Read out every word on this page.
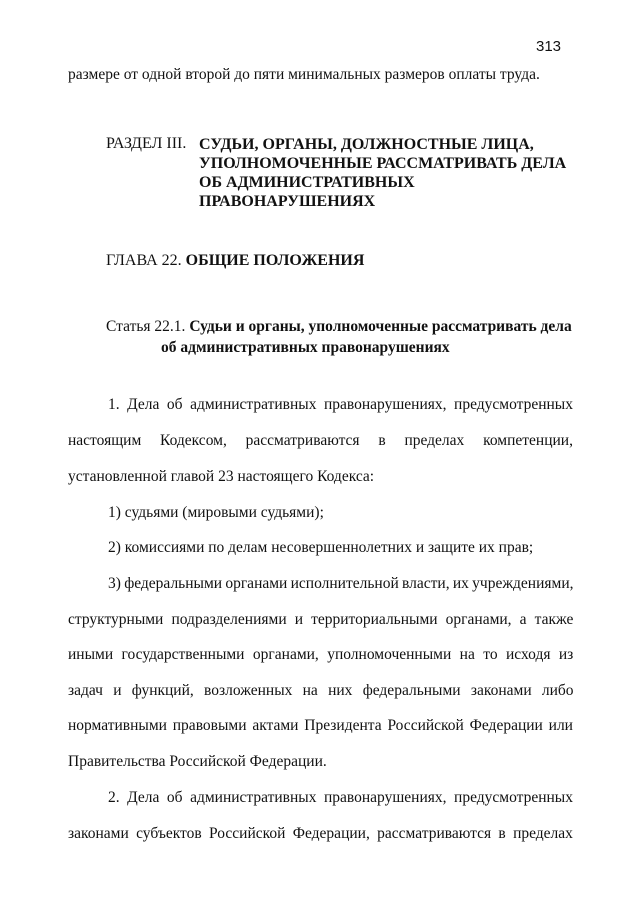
313
размере от одной второй до пяти минимальных размеров оплаты труда.
РАЗДЕЛ III. СУДЬИ, ОРГАНЫ, ДОЛЖНОСТНЫЕ ЛИЦА,
УПОЛНОМОЧЕННЫЕ РАССМАТРИВАТЬ ДЕЛА
ОБ АДМИНИСТРАТИВНЫХ
ПРАВОНАРУШЕНИЯХ
ГЛАВА 22. ОБЩИЕ ПОЛОЖЕНИЯ
Статья 22.1. Судьи и органы, уполномоченные рассматривать дела
об административных правонарушениях
1. Дела об административных правонарушениях, предусмотренных
настоящим Кодексом, рассматриваются в пределах компетенции,
установленной главой 23 настоящего Кодекса:
1) судьями (мировыми судьями);
2) комиссиями по делам несовершеннолетних и защите их прав;
3) федеральными органами исполнительной власти, их учреждениями,
структурными подразделениями и территориальными органами, а также
иными государственными органами, уполномоченными на то исходя из
задач и функций, возложенных на них федеральными законами либо
нормативными правовыми актами Президента Российской Федерации или
Правительства Российской Федерации.
2. Дела об административных правонарушениях, предусмотренных
законами субъектов Российской Федерации, рассматриваются в пределах
